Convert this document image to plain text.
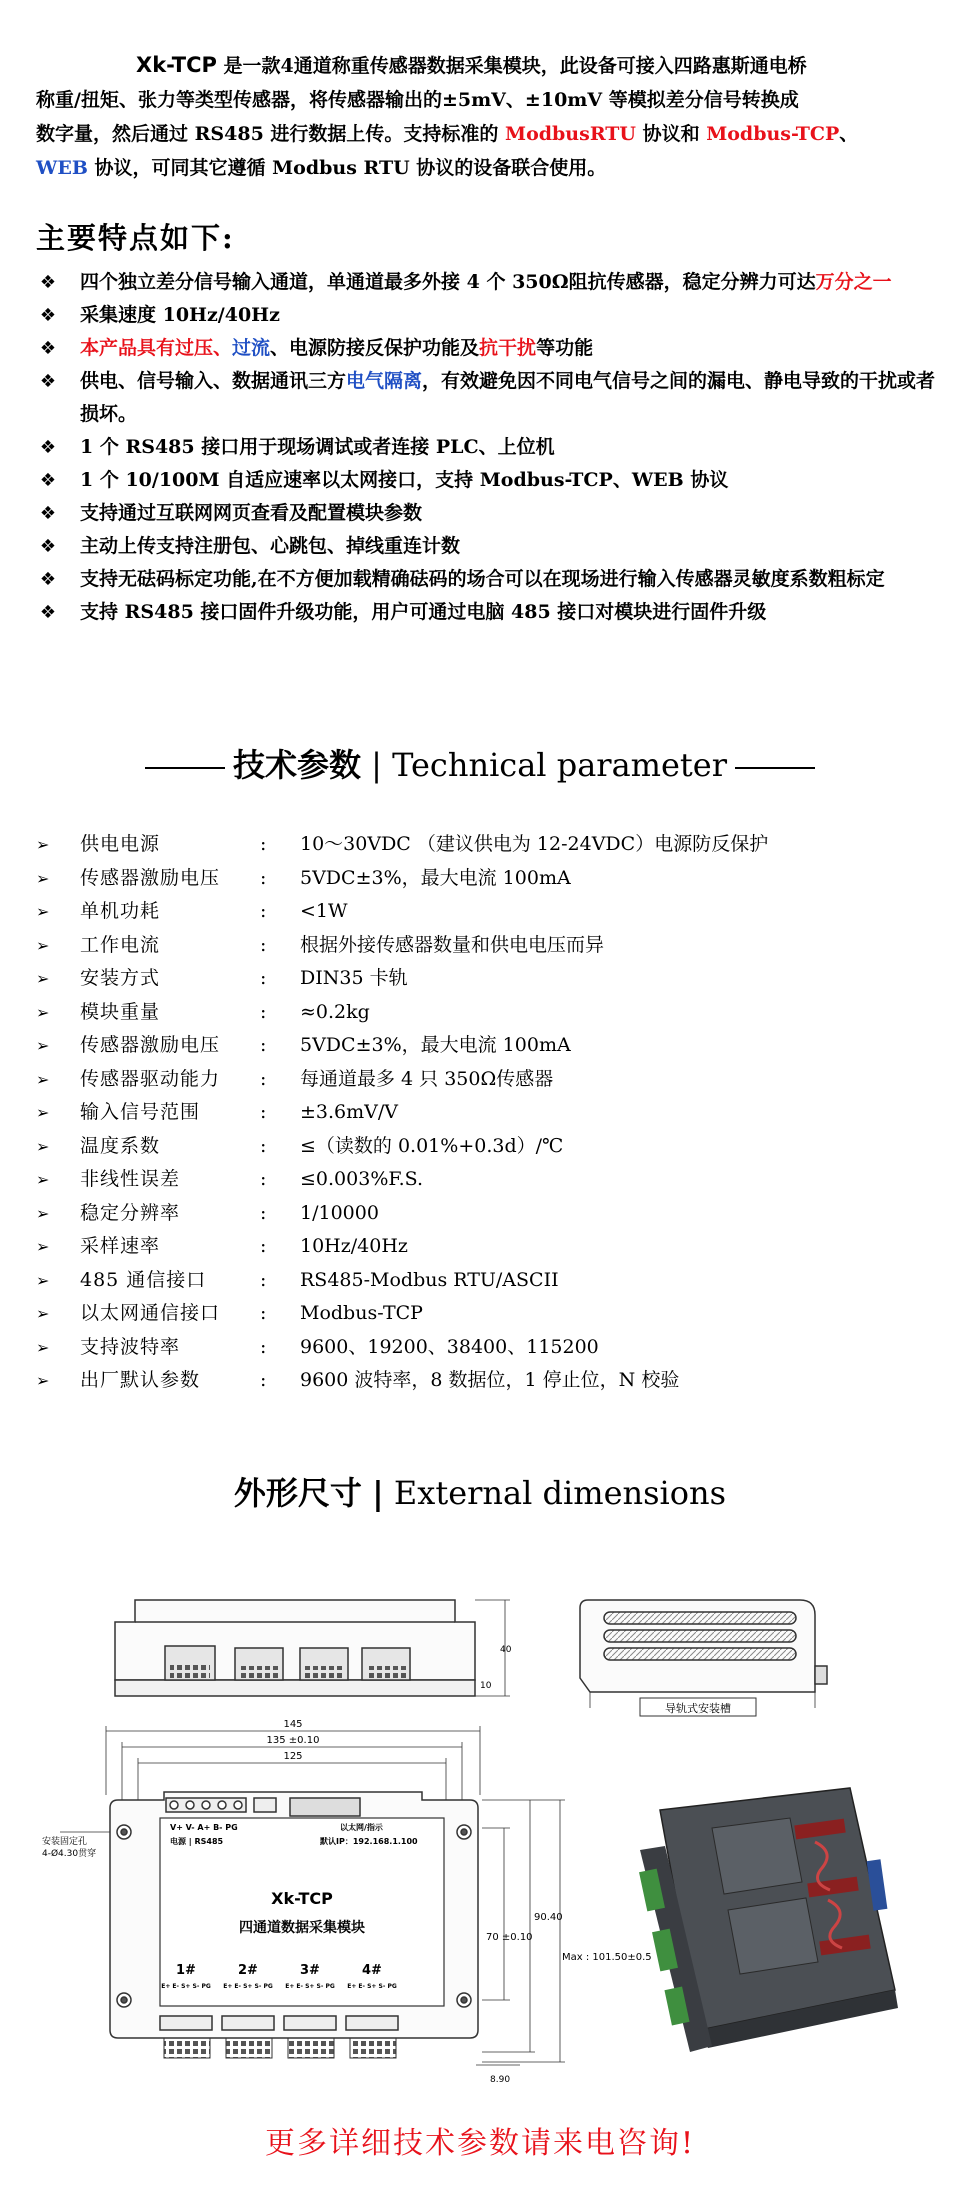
Xk-TCP 是一款4通道称重传感器数据采集模块，此设备可接入四路惠斯通电桥
称重/扭矩、张力等类型传感器，将传感器输出的±5mV、±10mV 等模拟差分信号转换成
数字量，然后通过 RS485 进行数据上传。支持标准的 ModbusRTU 协议和 Modbus-TCP、
WEB 协议，可同其它遵循 Modbus RTU 协议的设备联合使用。
主要特点如下:
❖ 四个独立差分信号输入通道，单通道最多外接 4 个 350Ω阻抗传感器，稳定分辨力可达万分之一
❖ 采集速度 10Hz/40Hz
❖ 本产品具有过压、过流、电源防接反保护功能及抗干扰等功能
❖ 供电、信号输入、数据通讯三方电气隔离，有效避免因不同电气信号之间的漏电、静电导致的干扰或者损坏。
❖ 1 个 RS485 接口用于现场调试或者连接 PLC、上位机
❖ 1 个 10/100M 自适应速率以太网接口，支持 Modbus-TCP、WEB 协议
❖ 支持通过互联网网页查看及配置模块参数
❖ 主动上传支持注册包、心跳包、掉线重连计数
❖ 支持无砝码标定功能,在不方便加载精确砝码的场合可以在现场进行输入传感器灵敏度系数粗标定
❖ 支持 RS485 接口固件升级功能，用户可通过电脑 485 接口对模块进行固件升级
技术参数 | Technical parameter
➢	供电电源	:	10～30VDC （建议供电为 12-24VDC）电源防反保护
➢	传感器激励电压	:	5VDC±3%，最大电流 100mA
➢	单机功耗	:	<1W
➢	工作电流	:	根据外接传感器数量和供电电压而异
➢	安装方式	:	DIN35 卡轨
➢	模块重量	:	≈0.2kg
➢	传感器激励电压	:	5VDC±3%，最大电流 100mA
➢	传感器驱动能力	:	每通道最多 4 只 350Ω传感器
➢	输入信号范围	:	±3.6mV/V
➢	温度系数	:	≤（读数的 0.01%+0.3d）/℃
➢	非线性误差	:	≤0.003%F.S.
➢	稳定分辨率	:	1/10000
➢	采样速率	:	10Hz/40Hz
➢	485 通信接口	:	RS485-Modbus RTU/ASCII
➢	以太网通信接口	:	Modbus-TCP
➢	支持波特率	:	9600、19200、38400、115200
➢	出厂默认参数	:	9600 波特率，8 数据位，1 停止位，N 校验
外形尺寸 | External dimensions
40
10
导轨式安装槽
145
135 ±0.10
125
安装固定孔
4-Ø4.30贯穿
90.40
70 ±0.10
Max : 101.50±0.5
8.90
V+ V- A+ B- PG
电源 | RS485
以太网/指示
默认IP：192.168.1.100
Xk-TCP
四通道数据采集模块
1#	2#	3#	4#
E+ E- S+ S- PG E+ E- S+ S- PG E+ E- S+ S- PG E+ E- S+ S- PG
更多详细技术参数请来电咨询!
